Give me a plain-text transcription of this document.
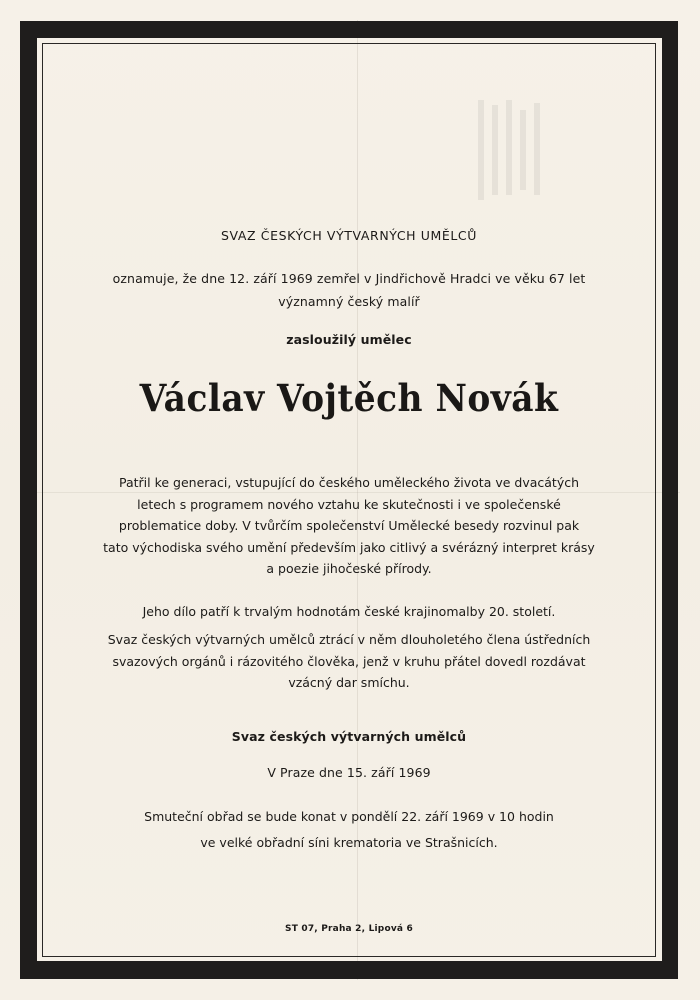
SVAZ ČESKÝCH VÝTVARNÝCH UMĚLCŮ
oznamuje, že dne 12. září 1969 zemřel v Jindřichově Hradci ve věku 67 let
významný český malíř
zasloužilý umělec
Václav Vojtěch Novák
Patřil ke generaci, vstupující do českého uměleckého života ve dvacátých
letech s programem nového vztahu ke skutečnosti i ve společenské
problematice doby. V tvůrčím společenství Umělecké besedy rozvinul pak
tato východiska svého umění především jako citlivý a svérázný interpret krásy
a poezie jihočeské přírody.
Jeho dílo patří k trvalým hodnotám české krajinomalby 20. století.
Svaz českých výtvarných umělců ztrácí v něm dlouholetého člena ústředních
svazových orgánů i rázovitého člověka, jenž v kruhu přátel dovedl rozdávat
vzácný dar smíchu.
Svaz českých výtvarných umělců
V Praze dne 15. září 1969
Smuteční obřad se bude konat v pondělí 22. září 1969 v 10 hodin
ve velké obřadní síni krematoria ve Strašnicích.
ST 07, Praha 2, Lipová 6
